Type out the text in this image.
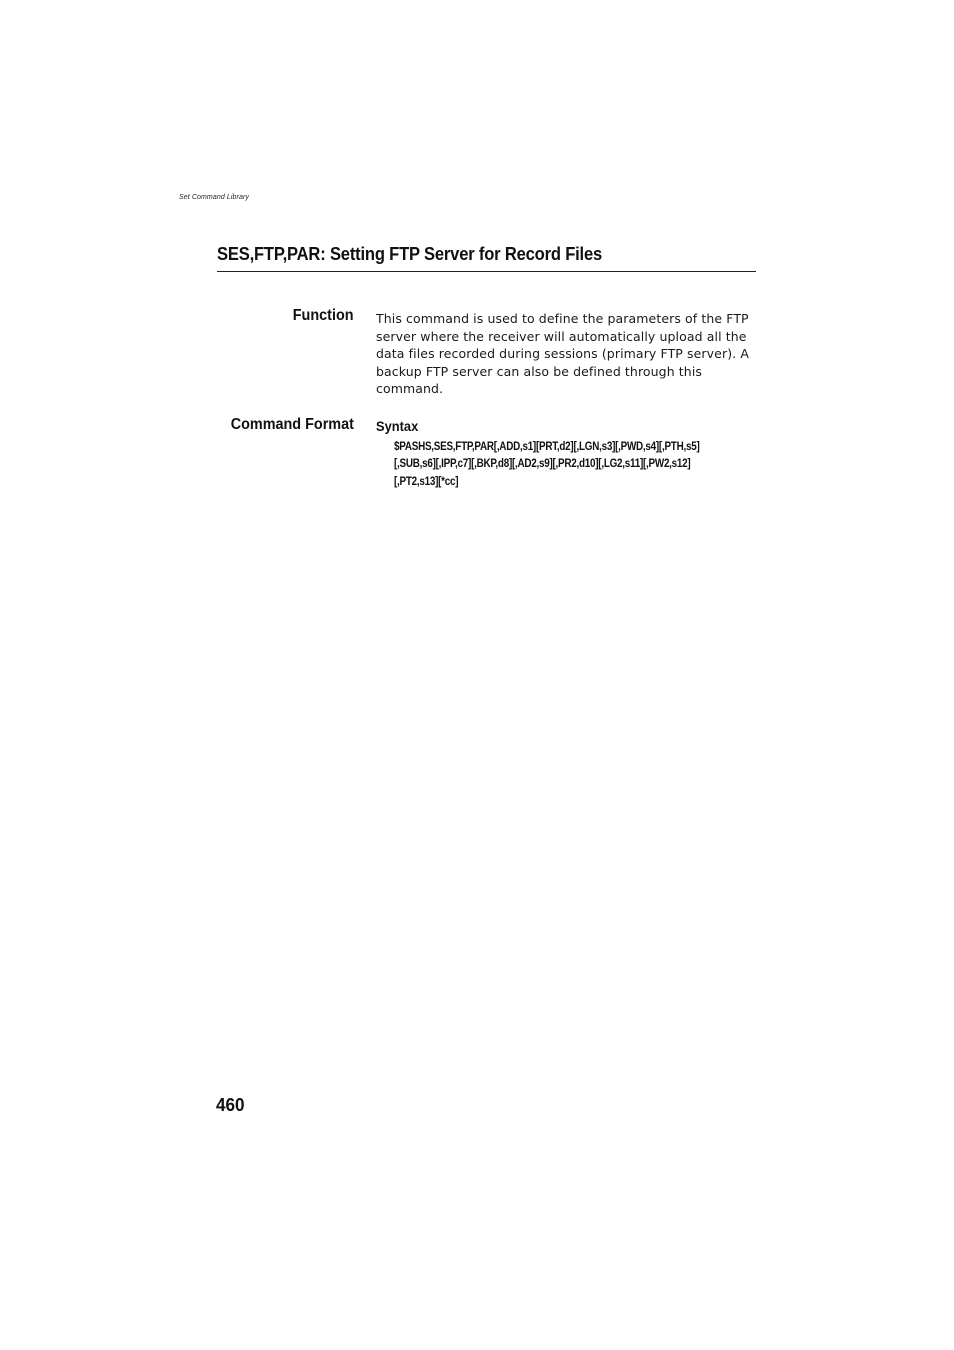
Set Command Library
SES,FTP,PAR: Setting FTP Server for Record Files
Function This command is used to define the parameters of the FTP server where the receiver will automatically upload all the data files recorded during sessions (primary FTP server). A backup FTP server can also be defined through this command.
Command Format Syntax
$PASHS,SES,FTP,PAR[,ADD,s1][PRT,d2][,LGN,s3][,PWD,s4][,PTH,s5]
[,SUB,s6][,IPP,c7][,BKP,d8][,AD2,s9][,PR2,d10][,LG2,s11][,PW2,s12]
[,PT2,s13][*cc]
460
